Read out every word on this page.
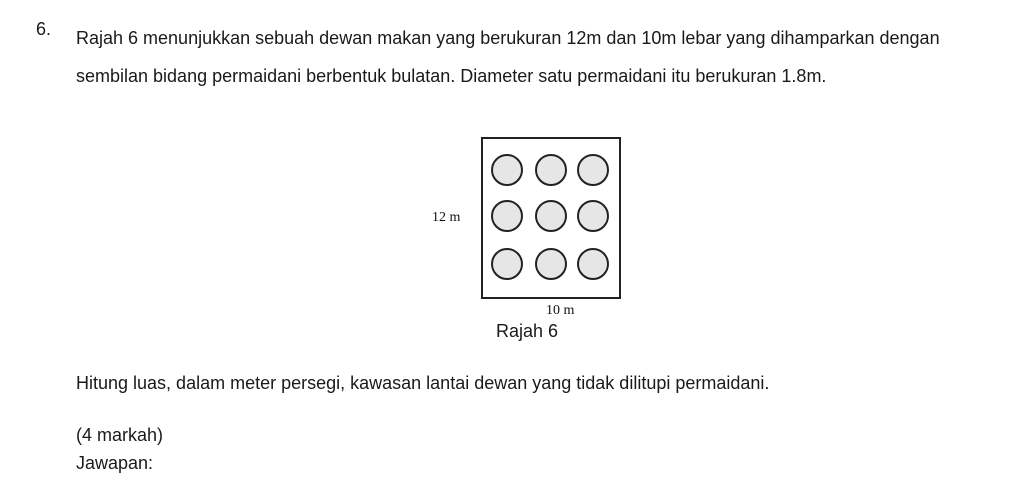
6. Rajah 6 menunjukkan sebuah dewan makan yang berukuran 12m dan 10m lebar yang dihamparkan dengan sembilan bidang permaidani berbentuk bulatan. Diameter satu permaidani itu berukuran 1.8m.

12 m
10 m
Rajah 6
Hitung luas, dalam meter persegi, kawasan lantai dewan yang tidak dilitupi permaidani.
(4 markah)
Jawapan:
